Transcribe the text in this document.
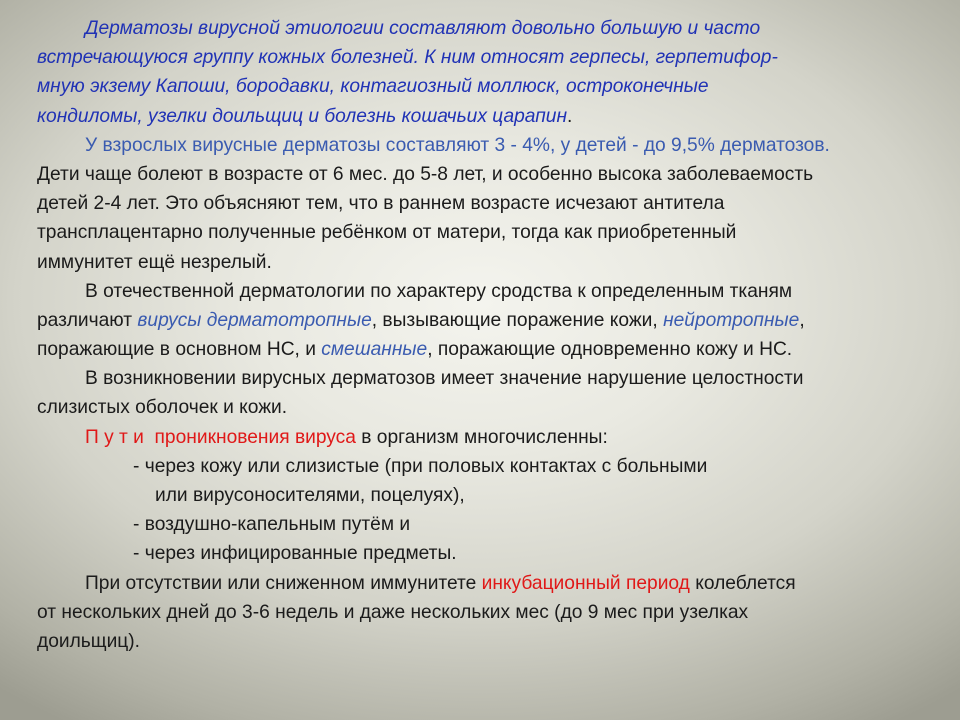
Дерматозы вирусной этиологии составляют довольно большую и часто
встречающуюся группу кожных болезней. К ним относят герпесы, герпетифор-
мную экзему Капоши, бородавки, контагиозный моллюск, остроконечные
кондиломы, узелки доильщиц и болезнь кошачьих царапин.
У взрослых вирусные дерматозы составляют 3 - 4%, у детей - до 9,5% дерматозов.
Дети чаще болеют в возрасте от 6 мес. до 5-8 лет, и особенно высока заболеваемость
детей 2-4 лет. Это объясняют тем, что в раннем возрасте исчезают антитела
трансплацентарно полученные ребёнком от матери, тогда как приобретенный
иммунитет ещё незрелый.
В отечественной дерматологии по характеру сродства к определенным тканям
различают вирусы дерматотропные, вызывающие поражение кожи, нейротропные,
поражающие в основном НС, и смешанные, поражающие одновременно кожу и НС.
В возникновении вирусных дерматозов имеет значение нарушение целостности
слизистых оболочек и кожи.
П у т и  проникновения вируса в организм многочисленны:
- через кожу или слизистые (при половых контактах с больными
или вирусоносителями, поцелуях),
- воздушно-капельным путём и
- через инфицированные предметы.
При отсутствии или сниженном иммунитете инкубационный период колеблется
от нескольких дней до 3-6 недель и даже нескольких мес (до 9 мес при узелках
доильщиц).
